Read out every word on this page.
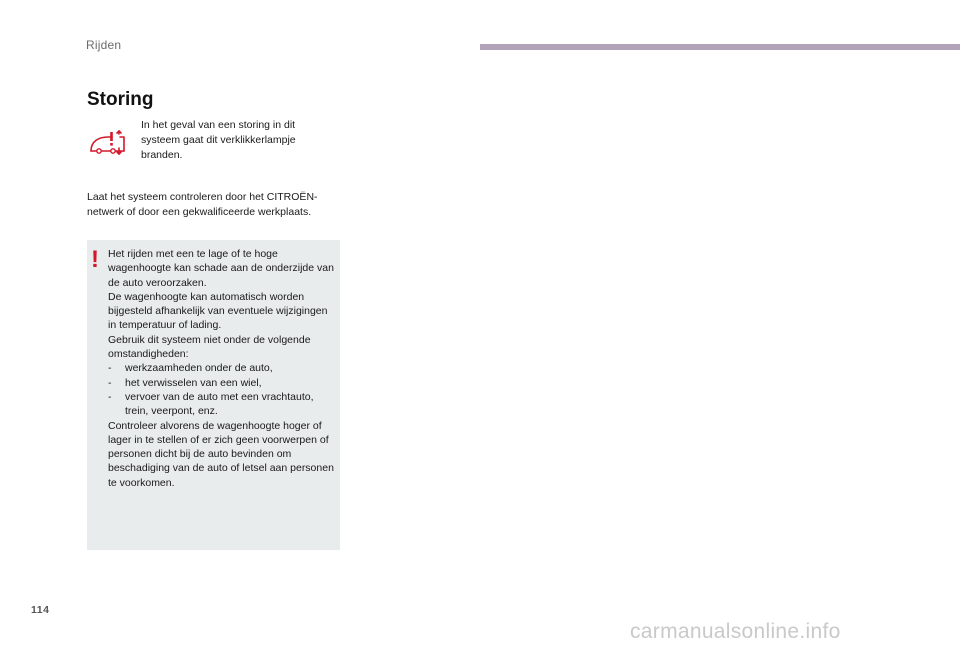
Rijden
Storing
In het geval van een storing in dit systeem gaat dit verklikkerlampje branden.
Laat het systeem controleren door het CITROËN-netwerk of door een gekwalificeerde werkplaats.
! Het rijden met een te lage of te hoge wagenhoogte kan schade aan de onderzijde van de auto veroorzaken.

De wagenhoogte kan automatisch worden bijgesteld afhankelijk van eventuele wijzigingen in temperatuur of lading.

Gebruik dit systeem niet onder de volgende omstandigheden:

- werkzaamheden onder de auto,
- het verwisselen van een wiel,
- vervoer van de auto met een vrachtauto, trein, veerpont, enz.

Controleer alvorens de wagenhoogte hoger of lager in te stellen of er zich geen voorwerpen of personen dicht bij de auto bevinden om beschadiging van de auto of letsel aan personen te voorkomen.

114
carmanualsonline.info
